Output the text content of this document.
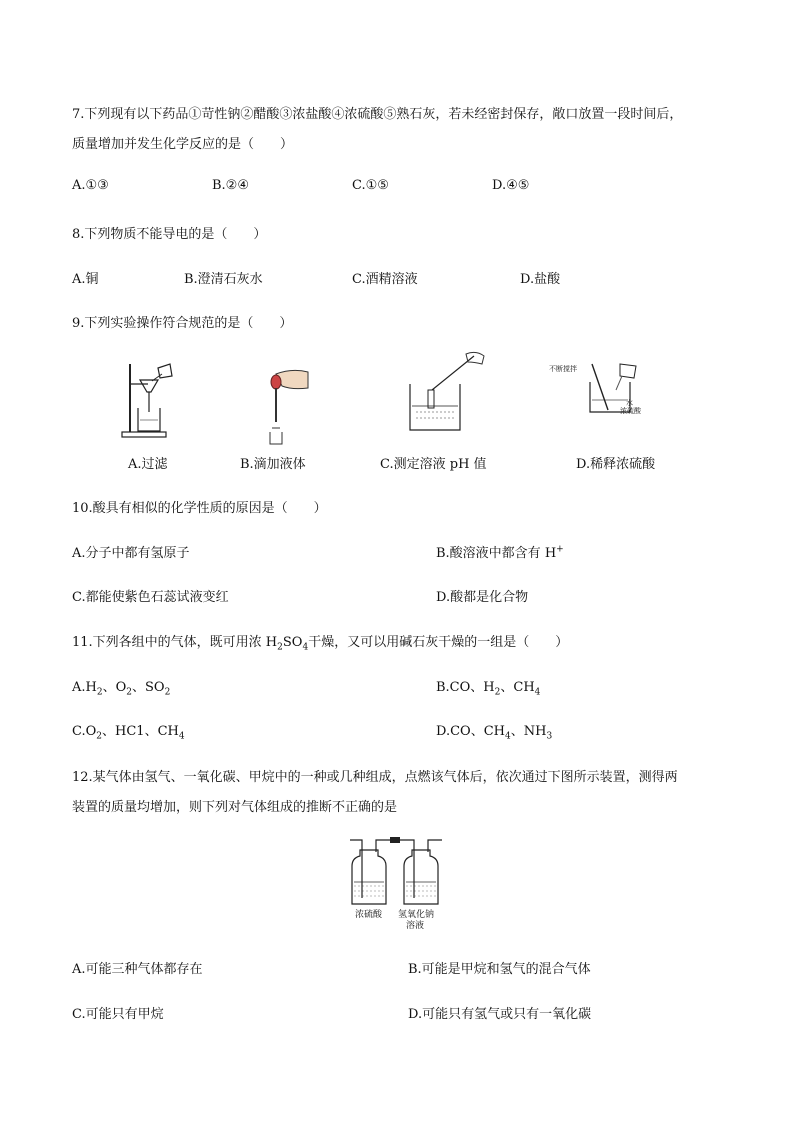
7.下列现有以下药品①苛性钠②醋酸③浓盐酸④浓硫酸⑤熟石灰，若未经密封保存，敞口放置一段时间后，
质量增加并发生化学反应的是（　　）
A.①③	B.②④	C.①⑤	D.④⑤
8.下列物质不能导电的是（　　）
A.铜	B.澄清石灰水	C.酒精溶液	D.盐酸
9.下列实验操作符合规范的是（　　）
A.过滤	B.滴加液体	C.测定溶液 pH 值
不断搅拌
水
浓硫酸
D.稀释浓硫酸
10.酸具有相似的化学性质的原因是（　　）
A.分子中都有氢原子	B.酸溶液中都含有 H+
C.都能使紫色石蕊试液变红	D.酸都是化合物
11.下列各组中的气体，既可用浓 $H_2SO_4$干燥，又可以用碱石灰干燥的一组是（　　）
$A.H_2$、$O_2$、$SO_2$	B.CO、$H_2$、$CH_4$
$C.O_2$、HC1、$CH_4$	D.CO、$CH_4$、$NH_3$
12.某气体由氢气、一氧化碳、甲烷中的一种或几种组成，点燃该气体后，依次通过下图所示装置，测得两
装置的质量均增加，则下列对气体组成的推断不正确的是
浓硫酸 氢氧化钠
溶液
A.可能三种气体都存在	B.可能是甲烷和氢气的混合气体
C.可能只有甲烷	D.可能只有氢气或只有一氧化碳
